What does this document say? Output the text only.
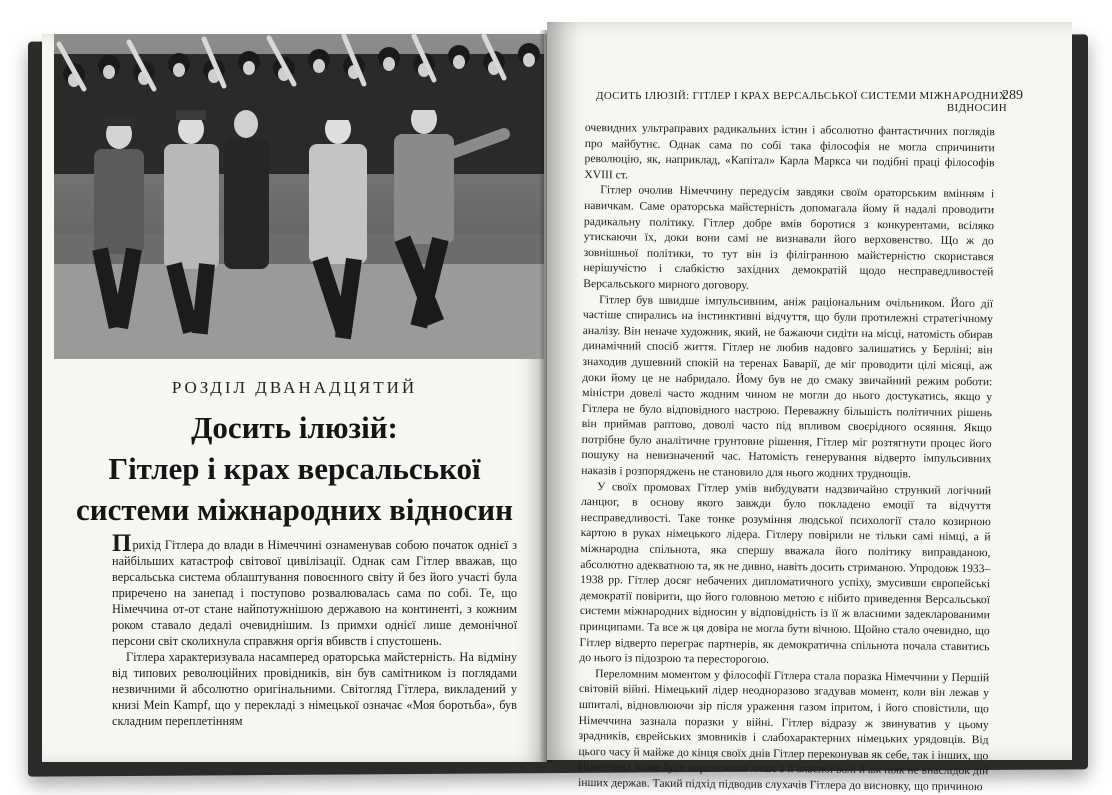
РОЗДІЛ ДВАНАДЦЯТИЙ
Досить ілюзій:
Гітлер і крах версальської
системи міжнародних відносин

Прихід Гітлера до влади в Німеччині ознаменував собою початок однієї з найбільших катастроф світової цивілізації. Однак сам Гітлер вважав, що версальська система облаштування повоєнного світу й без його участі була приречено на занепад і поступово розвалювалась сама по собі. Те, що Німеччина от-от стане найпотужнішою державою на континенті, з кожним роком ставало дедалі очевиднішим. Із примхи однієї лише демонічної персони світ сколихнула справжня оргія вбивств і спустошень.

Гітлера характеризувала насамперед ораторська майстерність. На відміну від типових революційних провідників, він був самітником із поглядами незвичними й абсолютно оригінальними. Світогляд Гітлера, викладений у книзі Mein Kampf, що у перекладі з німецької означає «Моя боротьба», був складним переплетінням

ДОСИТЬ ІЛЮЗІЙ: ГІТЛЕР І КРАХ ВЕРСАЛЬСЬКОЇ СИСТЕМИ МІЖНАРОДНИХ ВІДНОСИН
289

очевидних ультраправих радикальних істин і абсолютно фантастичних поглядів про майбутнє. Однак сама по собі така філософія не могла спричинити революцію, як, наприклад, «Капітал» Карла Маркса чи подібні праці філософів XVIII ст.

Гітлер очолив Німеччину передусім завдяки своїм ораторським вмінням і навичкам. Саме ораторська майстерність допомагала йому й надалі проводити радикальну політику. Гітлер добре вмів боротися з конкурентами, всіляко утискаючи їх, доки вони самі не визнавали його верховенство. Що ж до зовнішньої політики, то тут він із філігранною майстерністю скористався нерішучістю і слабкістю західних демократій щодо несправедливостей Версальського мирного договору.

Гітлер був швидше імпульсивним, аніж раціональним очільником. Його дії частіше спирались на інстинктивні відчуття, що були протилежні стратегічному аналізу. Він неначе художник, який, не бажаючи сидіти на місці, натомість обирав динамічний спосіб життя. Гітлер не любив надовго залишатись у Берліні; він знаходив душевний спокій на теренах Баварії, де міг проводити цілі місяці, аж доки йому це не набридало. Йому був не до смаку звичайний режим роботи: міністри довелі часто жодним чином не могли до нього достукатись, якщо у Гітлера не було відповідного настрою. Переважну більшість політичних рішень він приймав раптово, доволі часто під впливом своєрідного осяяння. Якщо потрібне було аналітичне грунтовне рішення, Гітлер міг розтягнути процес його пошуку на невизначений час. Натомість генерування відверто імпульсивних наказів і розпоряджень не становило для нього жодних труднощів.

У своїх промовах Гітлер умів вибудувати надзвичайно стрункий логічний ланцюг, в основу якого завжди було покладено емоції та відчуття несправедливості. Таке тонке розуміння людської психології стало козирною картою в руках німецького лідера. Гітлеру повірили не тільки самі німці, а й міжнародна спільнота, яка спершу вважала його політику виправданою, абсолютно адекватною та, як не дивно, навіть досить стриманою. Упродовж 1933–1938 рр. Гітлер досяг небачених дипломатичного успіху, змусивши європейські демократії повірити, що його головною метою є нібито приведення Версальської системи міжнародних відносин у відповідність із її ж власними задекларованими принципами. Та все ж ця довіра не могла бути вічною. Щойно стало очевидно, що Гітлер відверто переграє партнерів, як демократична спільнота почала ставитись до нього із підозрою та пересторогою.

Переломним моментом у філософії Гітлера стала поразка Німеччини у Першій світовій війні. Німецький лідер неодноразово згадував момент, коли він лежав у шпиталі, відновлюючи зір після ураження газом іпритом, і його сповістили, що Німеччина зазнала поразки у війні. Гітлер відразу ж звинуватив у цьому зрадників, єврейських змовників і слабохарактерних німецьких урядовців. Від цього часу й майже до кінця своїх днів Гітлер переконував як себе, так і інших, що Німеччина може бути переможена лише з її власної волі й аж ніяк не внаслідок дій інших держав. Такий підхід підводив слухачів Гітлера до висновку, що причиною
